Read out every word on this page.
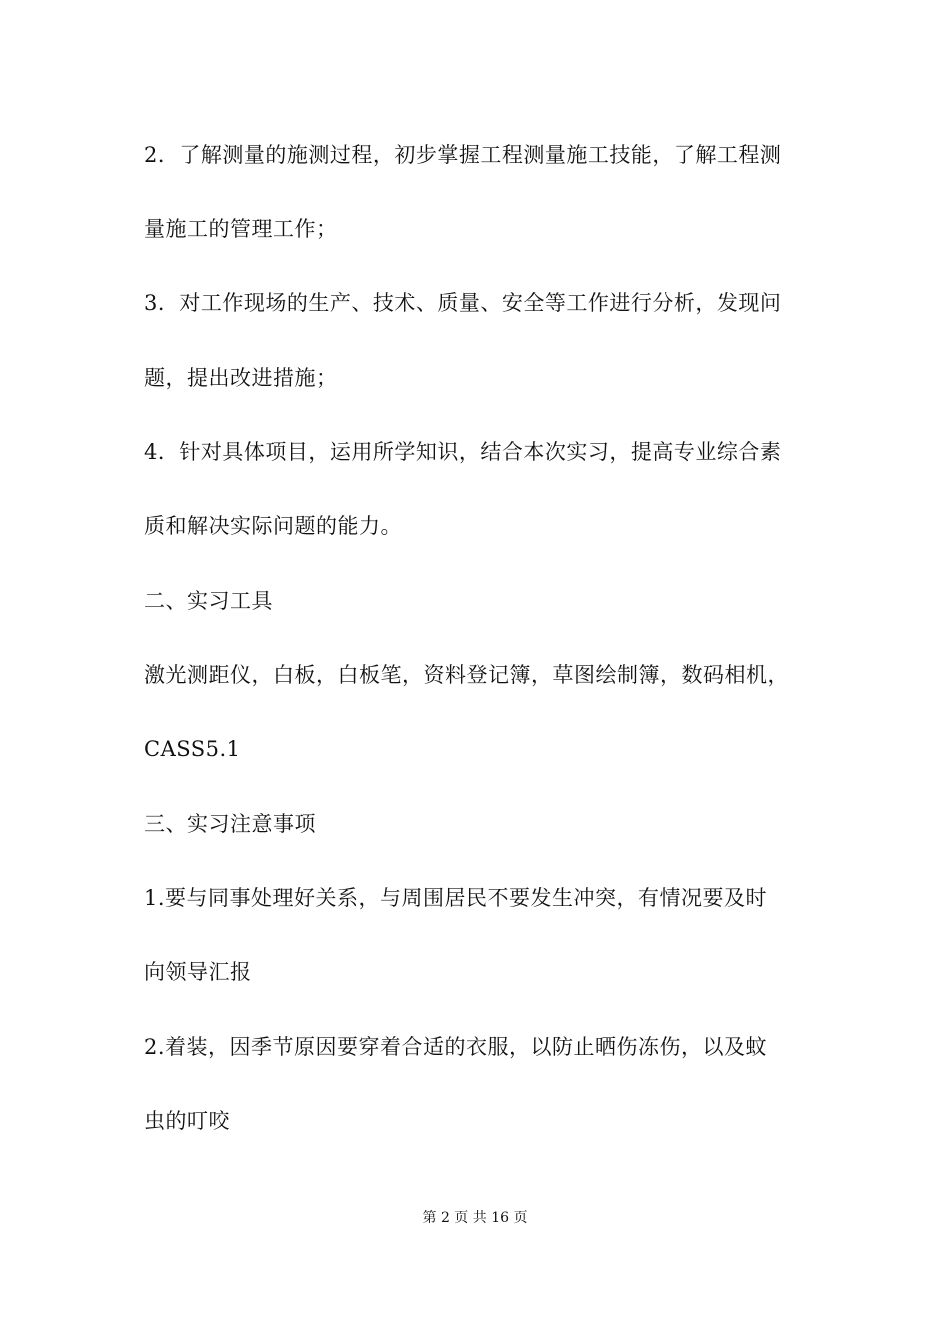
2．了解测量的施测过程，初步掌握工程测量施工技能，了解工程测
量施工的管理工作；
3．对工作现场的生产、技术、质量、安全等工作进行分析，发现问
题，提出改进措施；
4．针对具体项目，运用所学知识，结合本次实习，提高专业综合素
质和解决实际问题的能力。
二、实习工具
激光测距仪，白板，白板笔，资料登记簿，草图绘制簿，数码相机，
CASS5.1
三、实习注意事项
1.要与同事处理好关系，与周围居民不要发生冲突，有情况要及时
向领导汇报
2.着装，因季节原因要穿着合适的衣服，以防止晒伤冻伤，以及蚊
虫的叮咬
第 2 页 共 16 页
